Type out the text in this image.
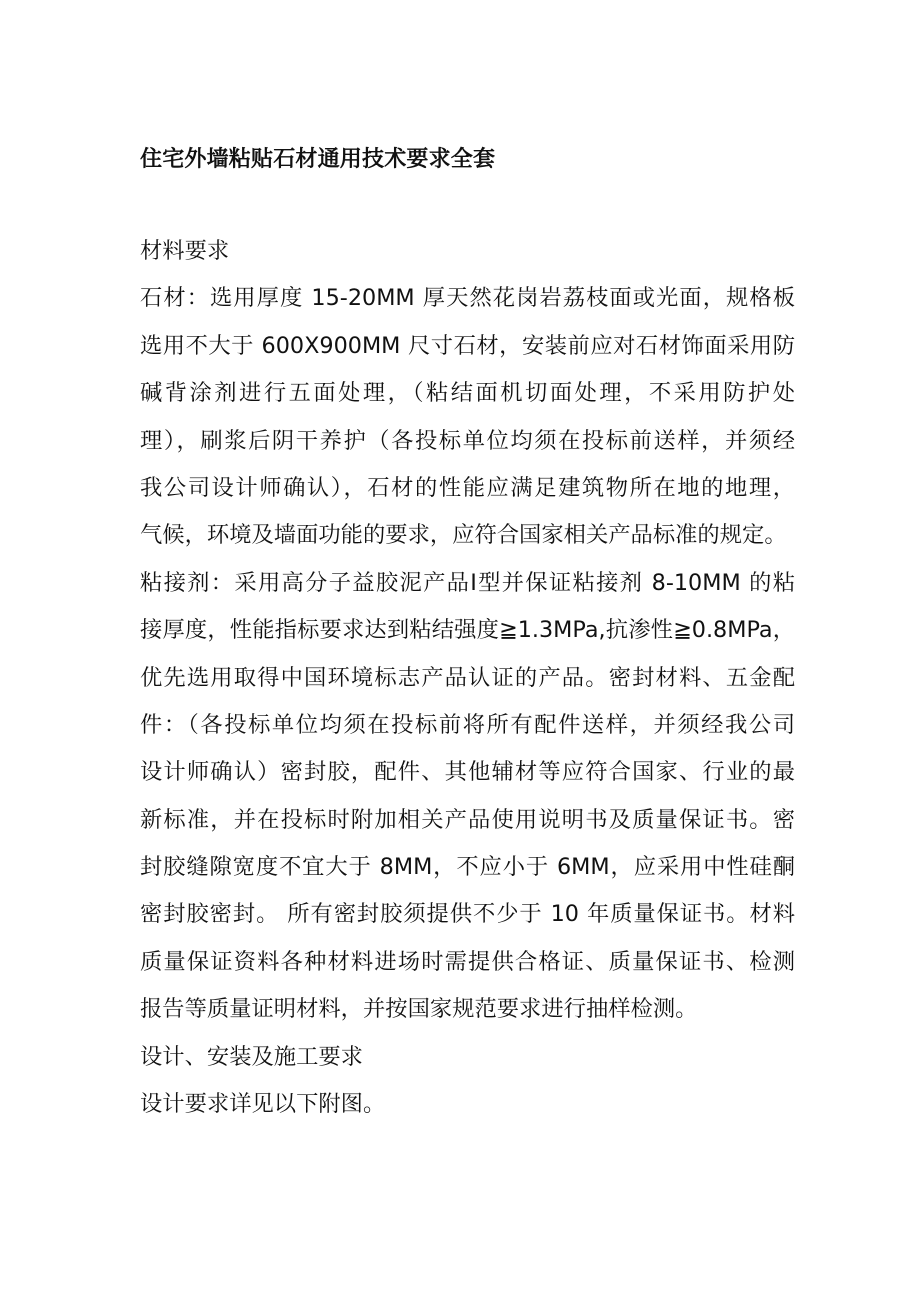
住宅外墙粘贴石材通用技术要求全套
材料要求
石材：选用厚度 15-20MM 厚天然花岗岩荔枝面或光面，规格板
选用不大于 600X900MM 尺寸石材，安装前应对石材饰面采用防
碱背涂剂进行五面处理，（粘结面机切面处理，不采用防护处
理），刷浆后阴干养护（各投标单位均须在投标前送样，并须经
我公司设计师确认），石材的性能应满足建筑物所在地的地理，
气候，环境及墙面功能的要求，应符合国家相关产品标准的规定。
粘接剂：采用高分子益胶泥产品Ⅰ型并保证粘接剂 8-10MM 的粘
接厚度，性能指标要求达到粘结强度≧1.3MPa,抗渗性≧0.8MPa，
优先选用取得中国环境标志产品认证的产品。密封材料、五金配
件：（各投标单位均须在投标前将所有配件送样，并须经我公司
设计师确认）密封胶，配件、其他辅材等应符合国家、行业的最
新标准，并在投标时附加相关产品使用说明书及质量保证书。密
封胶缝隙宽度不宜大于 8MM，不应小于 6MM，应采用中性硅酮
密封胶密封。 所有密封胶须提供不少于 10 年质量保证书。材料
质量保证资料各种材料进场时需提供合格证、质量保证书、检测
报告等质量证明材料，并按国家规范要求进行抽样检测。
设计、安装及施工要求
设计要求详见以下附图。
